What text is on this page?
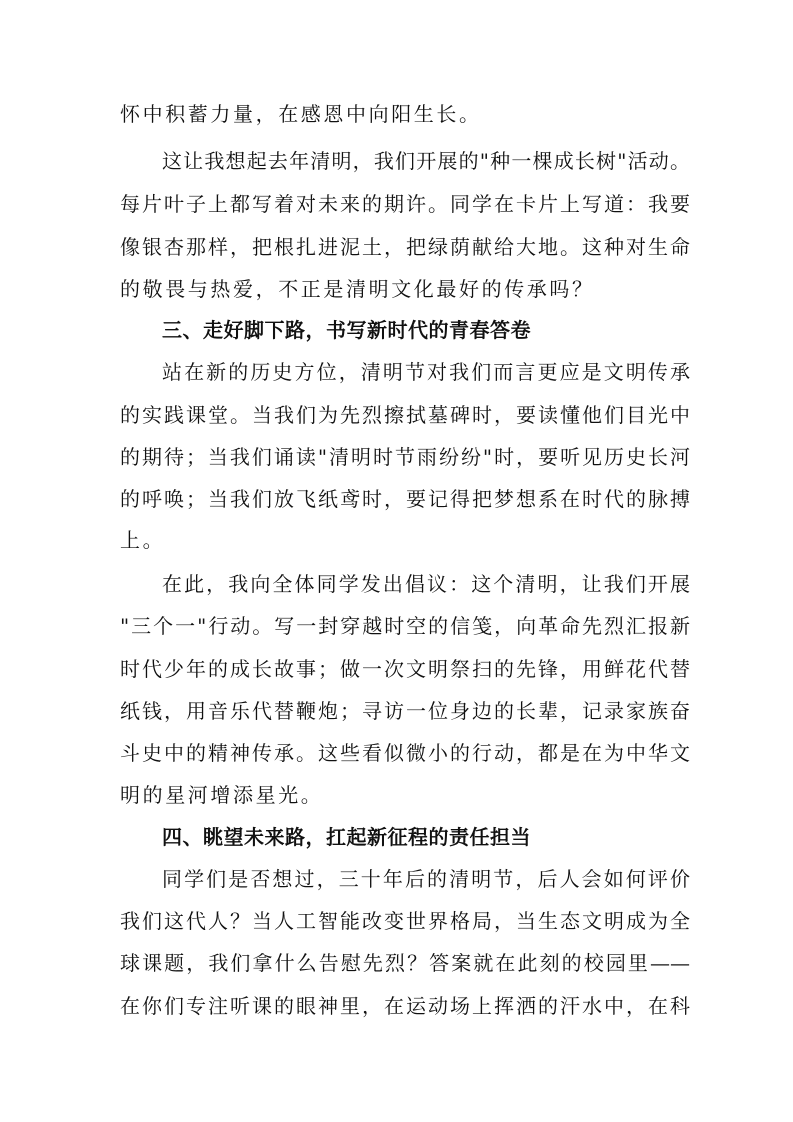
怀中积蓄力量，在感恩中向阳生长。
这让我想起去年清明，我们开展的"种一棵成长树"活动。
每片叶子上都写着对未来的期许。同学在卡片上写道：我要
像银杏那样，把根扎进泥土，把绿荫献给大地。这种对生命
的敬畏与热爱，不正是清明文化最好的传承吗？
三、走好脚下路，书写新时代的青春答卷
站在新的历史方位，清明节对我们而言更应是文明传承
的实践课堂。当我们为先烈擦拭墓碑时，要读懂他们目光中
的期待；当我们诵读"清明时节雨纷纷"时，要听见历史长河
的呼唤；当我们放飞纸鸢时，要记得把梦想系在时代的脉搏
上。
在此，我向全体同学发出倡议：这个清明，让我们开展
"三个一"行动。写一封穿越时空的信笺，向革命先烈汇报新
时代少年的成长故事；做一次文明祭扫的先锋，用鲜花代替
纸钱，用音乐代替鞭炮；寻访一位身边的长辈，记录家族奋
斗史中的精神传承。这些看似微小的行动，都是在为中华文
明的星河增添星光。
四、眺望未来路，扛起新征程的责任担当
同学们是否想过，三十年后的清明节，后人会如何评价
我们这代人？当人工智能改变世界格局，当生态文明成为全
球课题，我们拿什么告慰先烈？答案就在此刻的校园里——
在你们专注听课的眼神里，在运动场上挥洒的汗水中，在科
